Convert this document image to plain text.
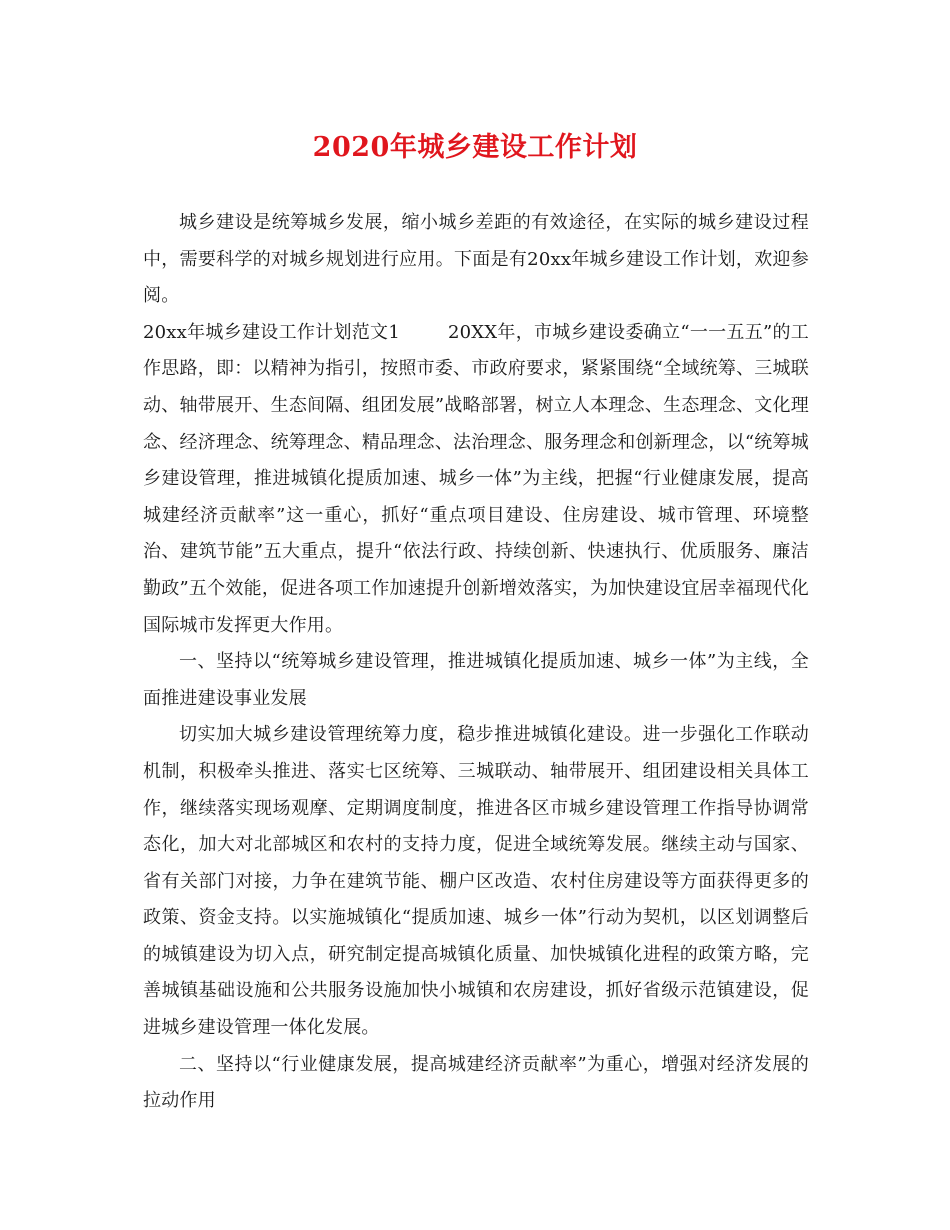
2020年城乡建设工作计划

城乡建设是统筹城乡发展，缩小城乡差距的有效途径，在实际的城乡建设过程中，需要科学的对城乡规划进行应用。下面是有20xx年城乡建设工作计划，欢迎参阅。

20xx年城乡建设工作计划范文1	20XX年，市城乡建设委确立“一一五五”的工作思路，即：以精神为指引，按照市委、市政府要求，紧紧围绕“全域统筹、三城联动、轴带展开、生态间隔、组团发展”战略部署，树立人本理念、生态理念、文化理念、经济理念、统筹理念、精品理念、法治理念、服务理念和创新理念，以“统筹城乡建设管理，推进城镇化提质加速、城乡一体”为主线，把握“行业健康发展，提高城建经济贡献率”这一重心，抓好“重点项目建设、住房建设、城市管理、环境整治、建筑节能”五大重点，提升“依法行政、持续创新、快速执行、优质服务、廉洁勤政”五个效能，促进各项工作加速提升创新增效落实，为加快建设宜居幸福现代化国际城市发挥更大作用。

一、坚持以“统筹城乡建设管理，推进城镇化提质加速、城乡一体”为主线，全面推进建设事业发展

切实加大城乡建设管理统筹力度，稳步推进城镇化建设。进一步强化工作联动机制，积极牵头推进、落实七区统筹、三城联动、轴带展开、组团建设相关具体工作，继续落实现场观摩、定期调度制度，推进各区市城乡建设管理工作指导协调常态化，加大对北部城区和农村的支持力度，促进全域统筹发展。继续主动与国家、省有关部门对接，力争在建筑节能、棚户区改造、农村住房建设等方面获得更多的政策、资金支持。以实施城镇化“提质加速、城乡一体”行动为契机，以区划调整后的城镇建设为切入点，研究制定提高城镇化质量、加快城镇化进程的政策方略，完善城镇基础设施和公共服务设施加快小城镇和农房建设，抓好省级示范镇建设，促进城乡建设管理一体化发展。

二、坚持以“行业健康发展，提高城建经济贡献率”为重心，增强对经济发展的拉动作用
